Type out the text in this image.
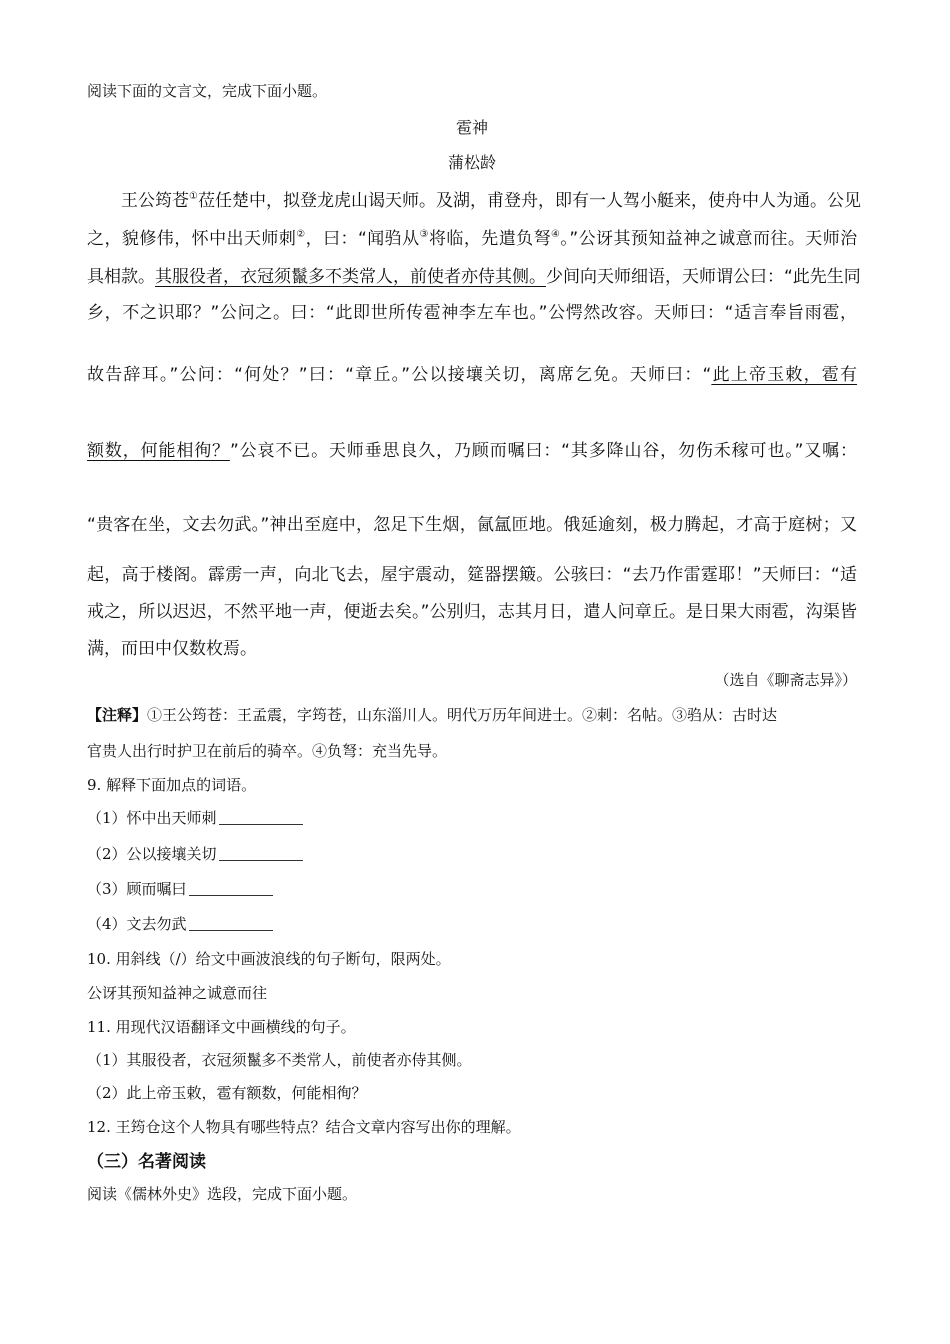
阅读下面的文言文，完成下面小题。
雹神
蒲松龄
王公筠苍①莅任楚中，拟登龙虎山谒天师。及湖，甫登舟，即有一人驾小艇来，使舟中人为通。公见
之，貌修伟，怀中出天师刺②，曰：“闻驺从③将临，先遣负弩④。”公讶其预知益神之诚意而往。天师治
具相款。其服役者，衣冠须鬣多不类常人，前使者亦侍其侧。少间向天师细语，天师谓公曰：“此先生同
乡，不之识耶？”公问之。曰：“此即世所传雹神李左车也。”公愕然改容。天师曰：“适言奉旨雨雹，
故告辞耳。”公问：“何处？”曰：“章丘。”公以接壤关切，离席乞免。天师曰：“此上帝玉敕，雹有
额数，何能相徇？”公哀不已。天师垂思良久，乃顾而嘱曰：“其多降山谷，勿伤禾稼可也。”又嘱：
“贵客在坐，文去勿武。”神出至庭中，忽足下生烟，氤氲匝地。俄延逾刻，极力腾起，才高于庭树；又
起，高于楼阁。霹雳一声，向北飞去，屋宇震动，筵器摆簸。公骇曰：“去乃作雷霆耶！”天师曰：“适
戒之，所以迟迟，不然平地一声，便逝去矣。”公别归，志其月日，遣人问章丘。是日果大雨雹，沟渠皆
满，而田中仅数枚焉。
（选自《聊斋志异》）
【注释】①王公筠苍：王孟震，字筠苍，山东淄川人。明代万历年间进士。②刺：名帖。③驺从：古时达
官贵人出行时护卫在前后的骑卒。④负弩：充当先导。
9. 解释下面加点的词语。
（1）怀中出天师刺
（2）公以接壤关切
（3）顾而嘱曰
（4）文去勿武
10. 用斜线（/）给文中画波浪线的句子断句，限两处。
公讶其预知益神之诚意而往
11. 用现代汉语翻译文中画横线的句子。
（1）其服役者，衣冠须鬣多不类常人，前使者亦侍其侧。
（2）此上帝玉敕，雹有额数，何能相徇？
12. 王筠仓这个人物具有哪些特点？结合文章内容写出你的理解。
（三）名著阅读
阅读《儒林外史》选段，完成下面小题。
